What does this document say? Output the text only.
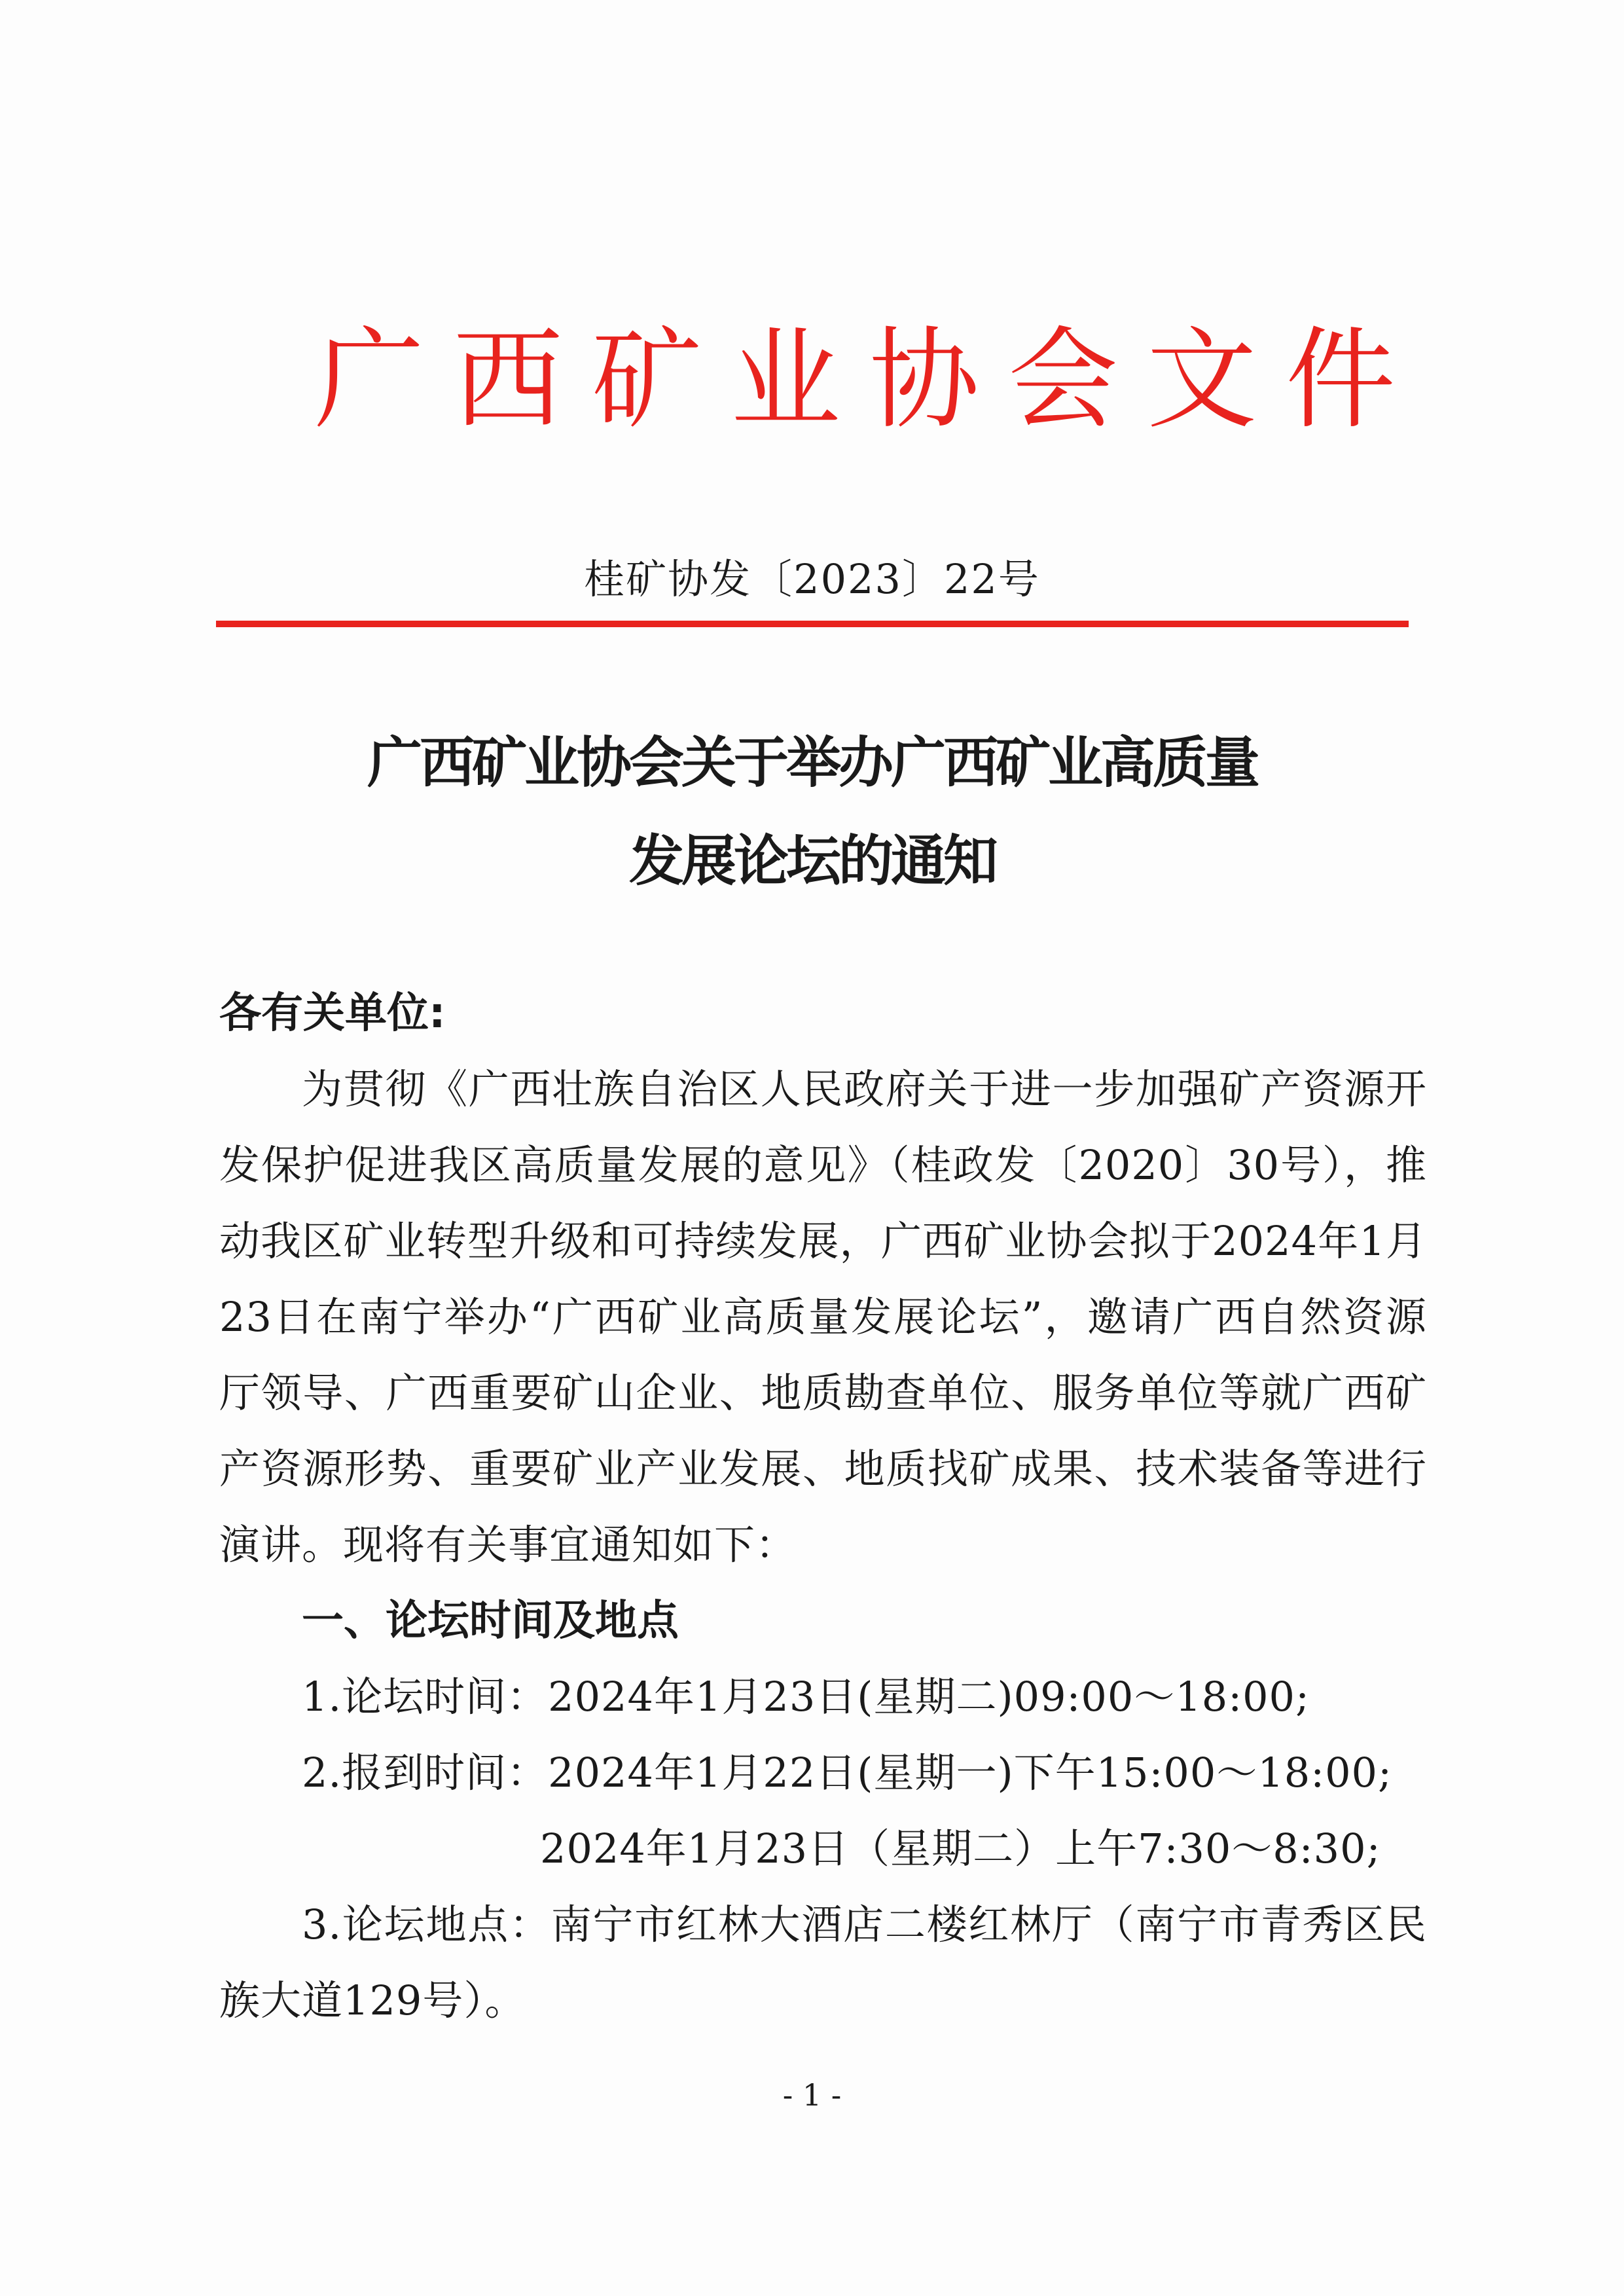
广西矿业协会文件
桂矿协发〔2023〕22号
广西矿业协会关于举办广西矿业高质量
发展论坛的通知

各有关单位:

为贯彻《广西壮族自治区人民政府关于进一步加强矿产资源开发保护促进我区高质量发展的意见》（桂政发〔2020〕30号），推动我区矿业转型升级和可持续发展，广西矿业协会拟于2024年1月23日在南宁举办“广西矿业高质量发展论坛”，邀请广西自然资源厅领导、广西重要矿山企业、地质勘查单位、服务单位等就广西矿产资源形势、重要矿业产业发展、地质找矿成果、技术装备等进行演讲。现将有关事宜通知如下：

一、论坛时间及地点

1.论坛时间：2024年1月23日(星期二)09:00～18:00;

2.报到时间：2024年1月22日(星期一)下午15:00～18:00;

2024年1月23日（星期二）上午7:30～8:30;

3.论坛地点：南宁市红林大酒店二楼红林厅（南宁市青秀区民族大道129号）。

- 1 -
